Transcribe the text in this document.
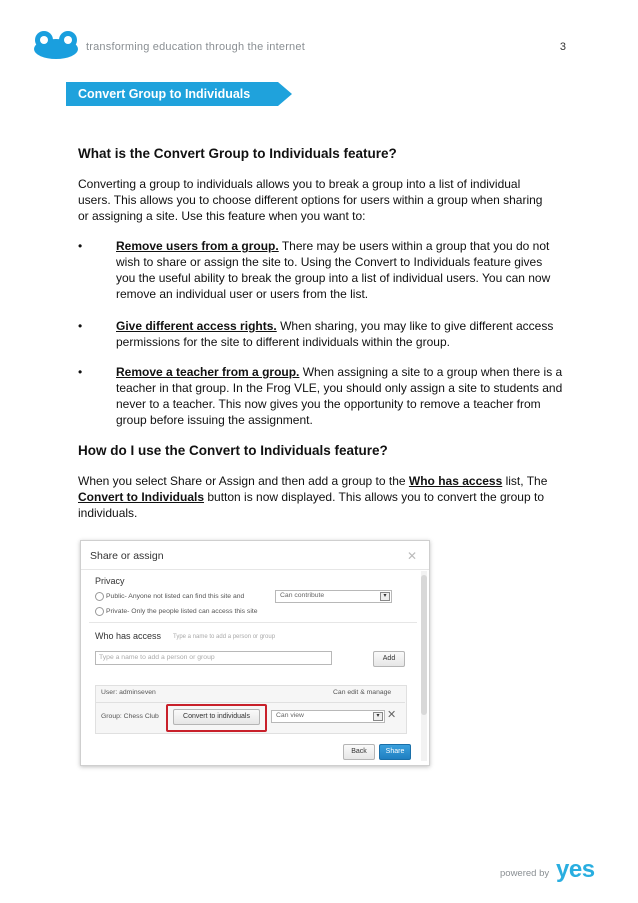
transforming education through the internet	3
Convert Group to Individuals
What is the Convert Group to Individuals feature?
Converting a group to individuals allows you to break a group into a list of individual
users. This allows you to choose different options for users within a group when sharing
or assigning a site. Use this feature when you want to:
•	Remove users from a group. There may be users within a group that you do not
wish to share or assign the site to. Using the Convert to Individuals feature gives
you the useful ability to break the group into a list of individual users. You can now
remove an individual user or users from the list.
•	Give different access rights. When sharing, you may like to give different access
permissions for the site to different individuals within the group.
•	Remove a teacher from a group. When assigning a site to a group when there is a
teacher in that group. In the Frog VLE, you should only assign a site to students and
never to a teacher. This now gives you the opportunity to remove a teacher from
group before issuing the assignment.
How do I use the Convert to Individuals feature?
When you select Share or Assign and then add a group to the Who has access list, The
Convert to Individuals button is now displayed. This allows you to convert the group to
individuals.
Share or assign	✕
Privacy
Public- Anyone not listed can find this site and	Can contribute	▾
Private- Only the people listed can access this site
Who has access Type a name to add a person or group
Type a name to add a person or group	Add
User: adminseven	Can edit & manage
Group: Chess Club	Convert to individuals	Can view	▾ ✕
Back	Share
powered by yes
